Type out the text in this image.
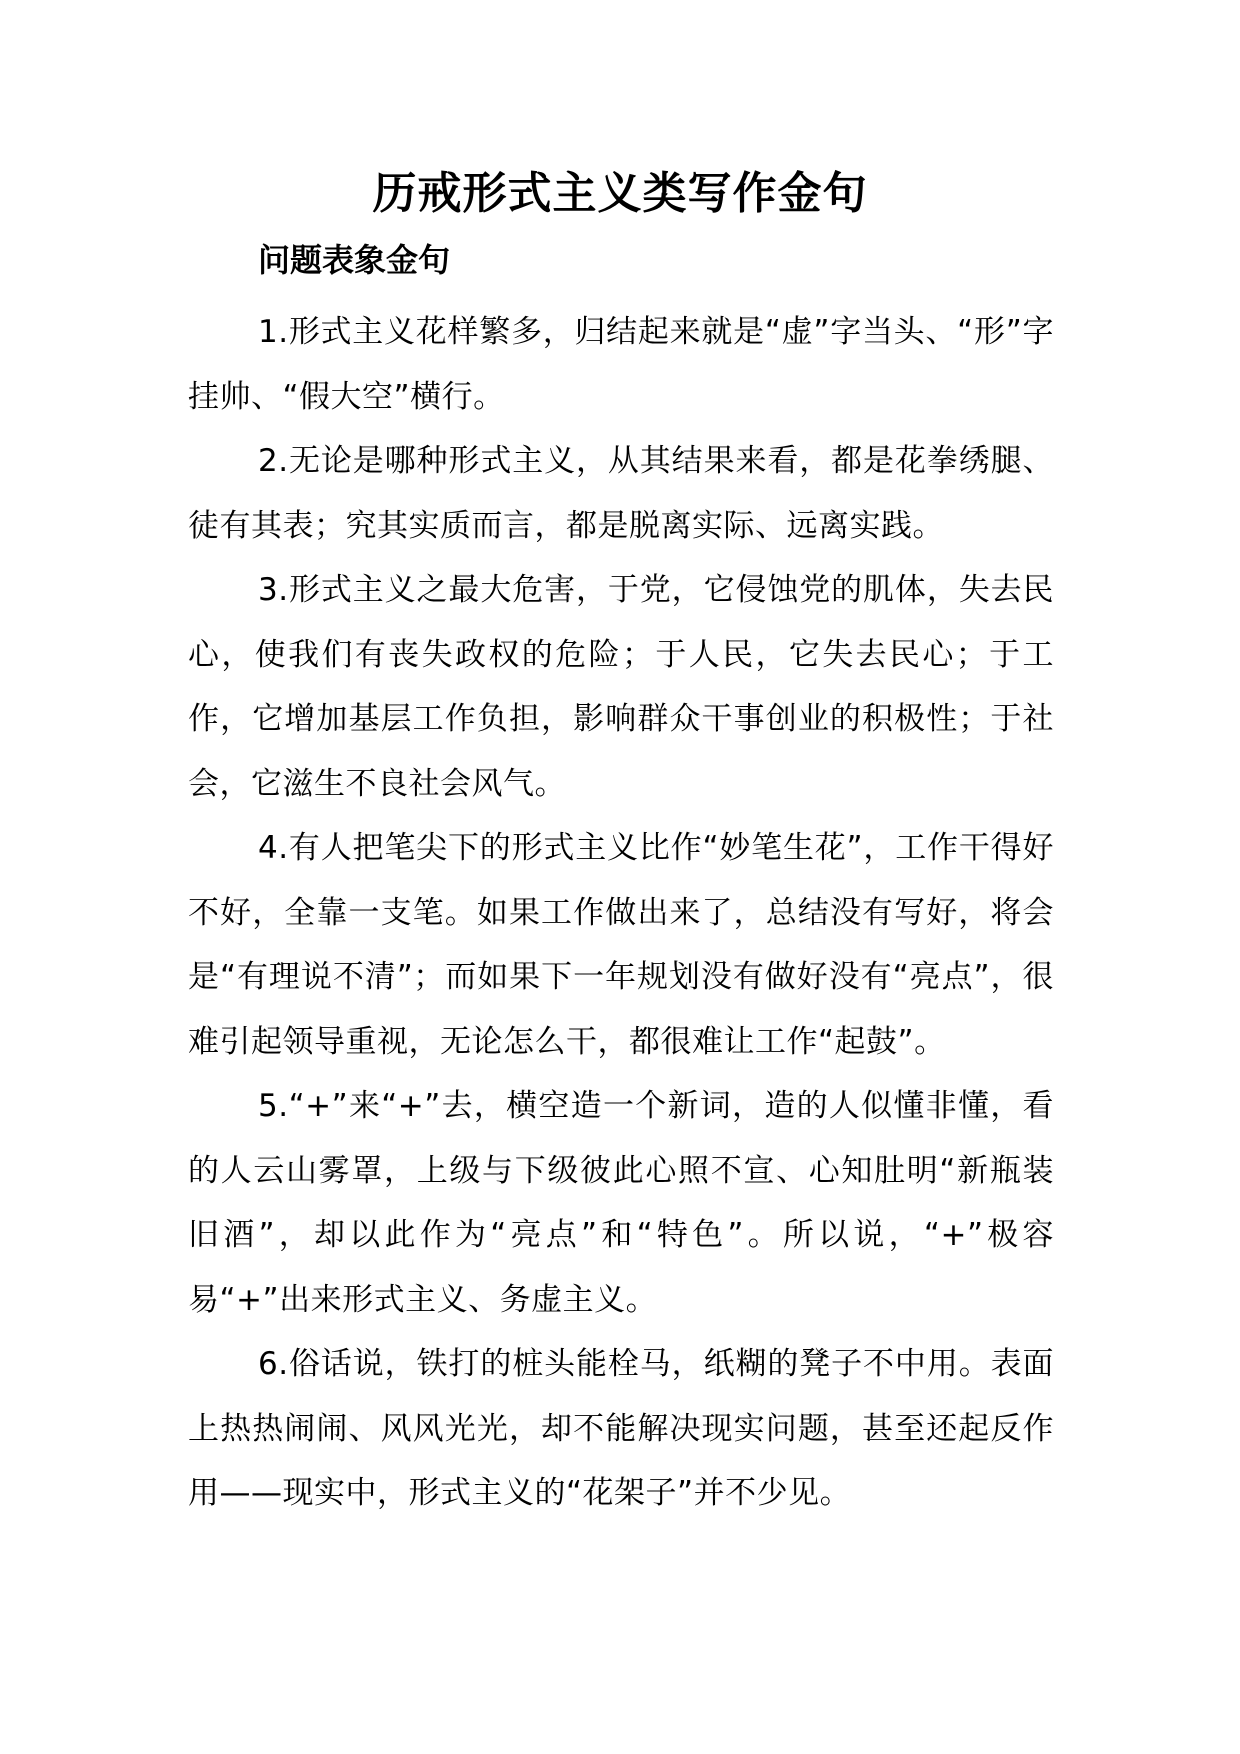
历戒形式主义类写作金句
问题表象金句

1.形式主义花样繁多，归结起来就是“虚”字当头、“形”字挂帅、“假大空”横行。

2.无论是哪种形式主义，从其结果来看，都是花拳绣腿、徒有其表；究其实质而言，都是脱离实际、远离实践。

3.形式主义之最大危害，于党，它侵蚀党的肌体，失去民心，使我们有丧失政权的危险；于人民，它失去民心；于工作，它增加基层工作负担，影响群众干事创业的积极性；于社会，它滋生不良社会风气。

4.有人把笔尖下的形式主义比作“妙笔生花”，工作干得好不好，全靠一支笔。如果工作做出来了，总结没有写好，将会是“有理说不清”；而如果下一年规划没有做好没有“亮点”，很难引起领导重视，无论怎么干，都很难让工作“起鼓”。

5.“+”来“+”去，横空造一个新词，造的人似懂非懂，看的人云山雾罩，上级与下级彼此心照不宣、心知肚明“新瓶装旧酒”，却以此作为“亮点”和“特色”。所以说，“+”极容易“+”出来形式主义、务虚主义。

6.俗话说，铁打的桩头能栓马，纸糊的凳子不中用。表面上热热闹闹、风风光光，却不能解决现实问题，甚至还起反作用——现实中，形式主义的“花架子”并不少见。
